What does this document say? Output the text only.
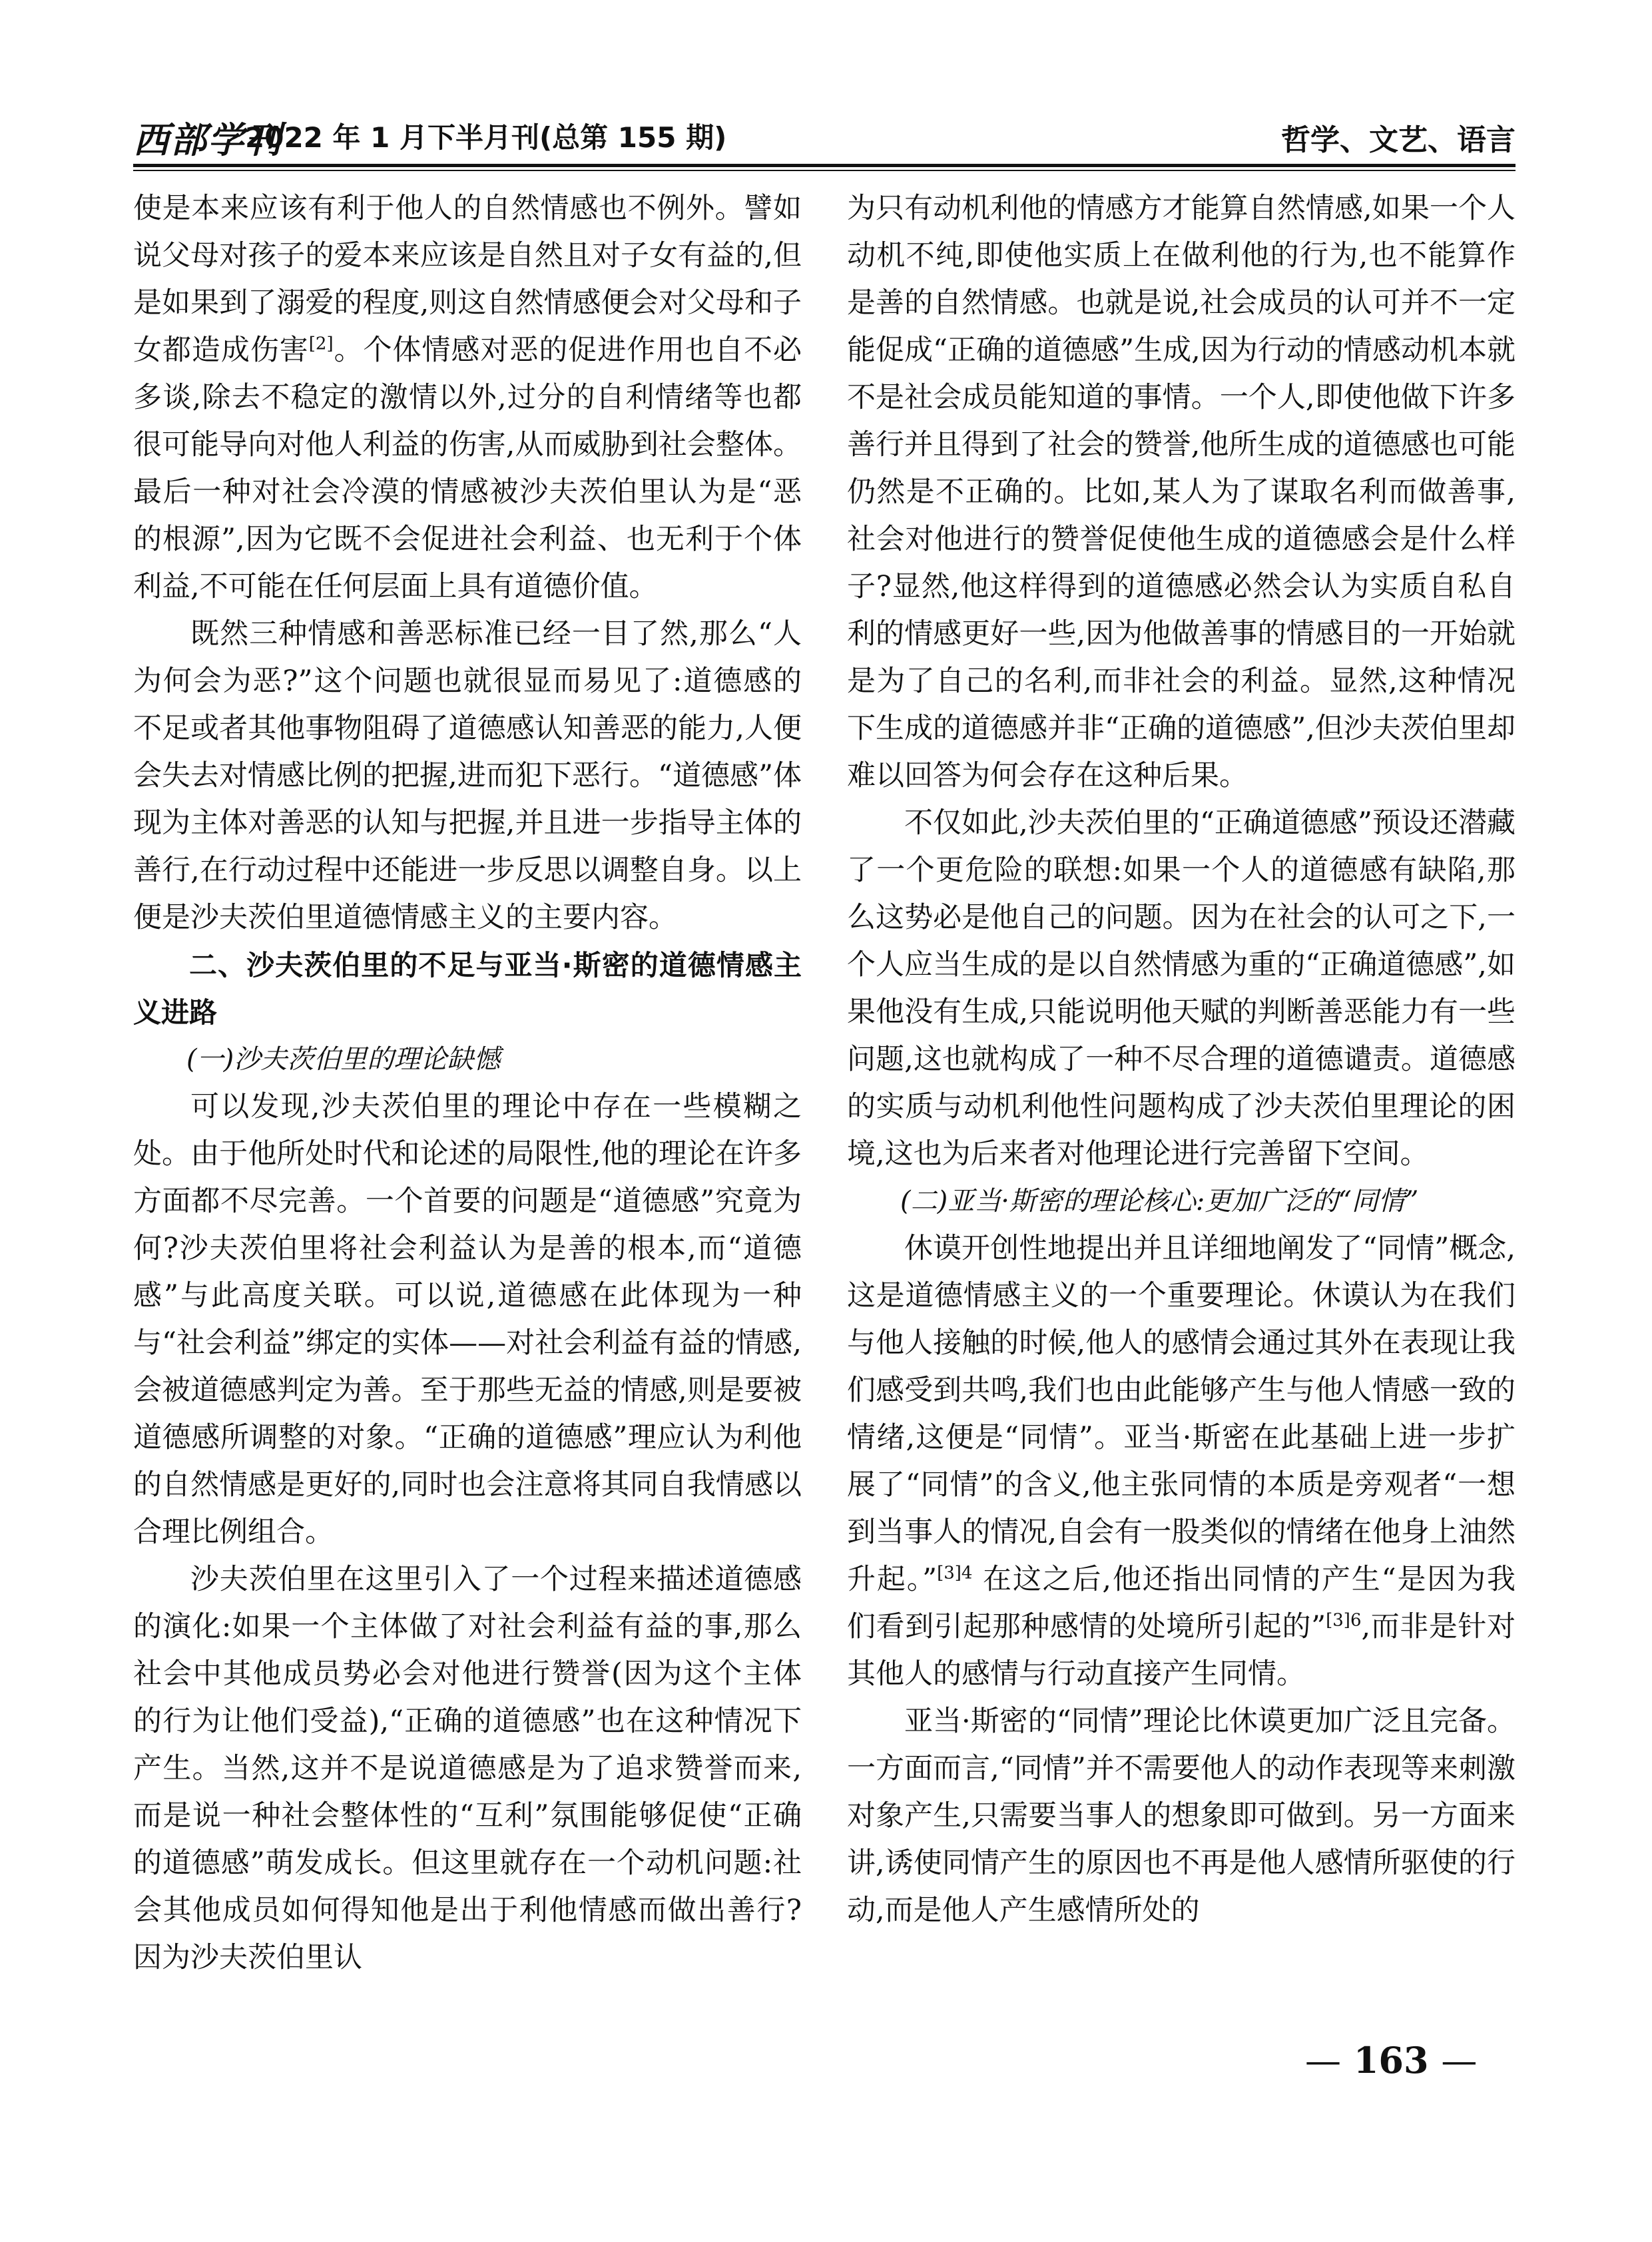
西部学刊
2022 年 1 月下半月刊(总第 155 期)	哲学、文艺、语言

使是本来应该有利于他人的自然情感也不例外。譬如说父母对孩子的爱本来应该是自然且对子女有益的,但是如果到了溺爱的程度,则这自然情感便会对父母和子女都造成伤害[2]。个体情感对恶的促进作用也自不必多谈,除去不稳定的激情以外,过分的自利情绪等也都很可能导向对他人利益的伤害,从而威胁到社会整体。最后一种对社会冷漠的情感被沙夫茨伯里认为是“恶的根源”,因为它既不会促进社会利益、也无利于个体利益,不可能在任何层面上具有道德价值。

既然三种情感和善恶标准已经一目了然,那么“人为何会为恶?”这个问题也就很显而易见了:道德感的不足或者其他事物阻碍了道德感认知善恶的能力,人便会失去对情感比例的把握,进而犯下恶行。“道德感”体现为主体对善恶的认知与把握,并且进一步指导主体的善行,在行动过程中还能进一步反思以调整自身。以上便是沙夫茨伯里道德情感主义的主要内容。

二、沙夫茨伯里的不足与亚当·斯密的道德情感主义进路

(一)沙夫茨伯里的理论缺憾

可以发现,沙夫茨伯里的理论中存在一些模糊之处。由于他所处时代和论述的局限性,他的理论在许多方面都不尽完善。一个首要的问题是“道德感”究竟为何?沙夫茨伯里将社会利益认为是善的根本,而“道德感”与此高度关联。可以说,道德感在此体现为一种与“社会利益”绑定的实体——对社会利益有益的情感,会被道德感判定为善。至于那些无益的情感,则是要被道德感所调整的对象。“正确的道德感”理应认为利他的自然情感是更好的,同时也会注意将其同自我情感以合理比例组合。

沙夫茨伯里在这里引入了一个过程来描述道德感的演化:如果一个主体做了对社会利益有益的事,那么社会中其他成员势必会对他进行赞誉(因为这个主体的行为让他们受益),“正确的道德感”也在这种情况下产生。当然,这并不是说道德感是为了追求赞誉而来,而是说一种社会整体性的“互利”氛围能够促使“正确的道德感”萌发成长。但这里就存在一个动机问题:社会其他成员如何得知他是出于利他情感而做出善行?因为沙夫茨伯里认

为只有动机利他的情感方才能算自然情感,如果一个人动机不纯,即使他实质上在做利他的行为,也不能算作是善的自然情感。也就是说,社会成员的认可并不一定能促成“正确的道德感”生成,因为行动的情感动机本就不是社会成员能知道的事情。一个人,即使他做下许多善行并且得到了社会的赞誉,他所生成的道德感也可能仍然是不正确的。比如,某人为了谋取名利而做善事,社会对他进行的赞誉促使他生成的道德感会是什么样子?显然,他这样得到的道德感必然会认为实质自私自利的情感更好一些,因为他做善事的情感目的一开始就是为了自己的名利,而非社会的利益。显然,这种情况下生成的道德感并非“正确的道德感”,但沙夫茨伯里却难以回答为何会存在这种后果。

不仅如此,沙夫茨伯里的“正确道德感”预设还潜藏了一个更危险的联想:如果一个人的道德感有缺陷,那么这势必是他自己的问题。因为在社会的认可之下,一个人应当生成的是以自然情感为重的“正确道德感”,如果他没有生成,只能说明他天赋的判断善恶能力有一些问题,这也就构成了一种不尽合理的道德谴责。道德感的实质与动机利他性问题构成了沙夫茨伯里理论的困境,这也为后来者对他理论进行完善留下空间。

(二)亚当·斯密的理论核心:更加广泛的“同情”

休谟开创性地提出并且详细地阐发了“同情”概念,这是道德情感主义的一个重要理论。休谟认为在我们与他人接触的时候,他人的感情会通过其外在表现让我们感受到共鸣,我们也由此能够产生与他人情感一致的情绪,这便是“同情”。亚当·斯密在此基础上进一步扩展了“同情”的含义,他主张同情的本质是旁观者“一想到当事人的情况,自会有一股类似的情绪在他身上油然升起。”$^{[3]4}$ 在这之后,他还指出同情的产生“是因为我们看到引起那种感情的处境所引起的”$^{[3]6}$,而非是针对其他人的感情与行动直接产生同情。

亚当·斯密的“同情”理论比休谟更加广泛且完备。一方面而言,“同情”并不需要他人的动作表现等来刺激对象产生,只需要当事人的想象即可做到。另一方面来讲,诱使同情产生的原因也不再是他人感情所驱使的行动,而是他人产生感情所处的

— 163 —
